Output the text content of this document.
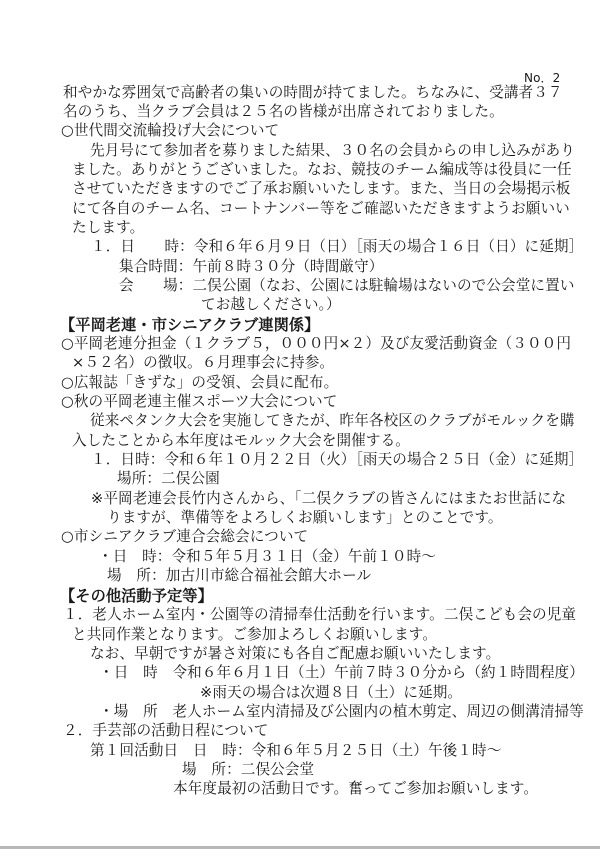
No．2
和やかな雰囲気で高齢者の集いの時間が持てました。ちなみに、受講者３７
名のうち、当クラブ会員は２５名の皆様が出席されておりました。
○世代間交流輪投げ大会について
先月号にて参加者を募りました結果、３０名の会員からの申し込みがあり
ました。ありがとうございました。なお、競技のチーム編成等は役員に一任
させていただきますのでご了承お願いいたします。また、当日の会場掲示板
にて各自のチーム名、コートナンバー等をご確認いただきますようお願いい
たします。
１．日　　時：令和６年６月９日（日）［雨天の場合１６日（日）に延期］
集合時間：午前８時３０分（時間厳守）
会　　場：二俣公園（なお、公園には駐輪場はないので公会堂に置い
てお越しください。）
【平岡老連・市シニアクラブ連関係】
○平岡老連分担金（１クラブ５，０００円×２）及び友愛活動資金（３００円
×５２名）の徴収。６月理事会に持参。
○広報誌「きずな」の受領、会員に配布。
○秋の平岡老連主催スポーツ大会について
従来ペタンク大会を実施してきたが、昨年各校区のクラブがモルックを購
入したことから本年度はモルック大会を開催する。
１．日時：令和６年１０月２２日（火）［雨天の場合２５日（金）に延期］
場所：二俣公園
※平岡老連会長竹内さんから、「二俣クラブの皆さんにはまたお世話にな
りますが、準備等をよろしくお願いします」とのことです。
○市シニアクラブ連合会総会について
・日　時：令和５年５月３１日（金）午前１０時～
場　所：加古川市総合福祉会館大ホール
【その他活動予定等】
１．老人ホーム室内・公園等の清掃奉仕活動を行います。二俣こども会の児童
と共同作業となります。ご参加よろしくお願いします。
なお、早朝ですが暑さ対策にも各自ご配慮お願いいたします。
・日　時　令和６年６月１日（土）午前７時３０分から（約１時間程度）
※雨天の場合は次週８日（土）に延期。
・場　所　老人ホーム室内清掃及び公園内の植木剪定、周辺の側溝清掃等
２．手芸部の活動日程について
第１回活動日　日　時：令和６年５月２５日（土）午後１時～
場　所：二俣公会堂
本年度最初の活動日です。奮ってご参加お願いします。
